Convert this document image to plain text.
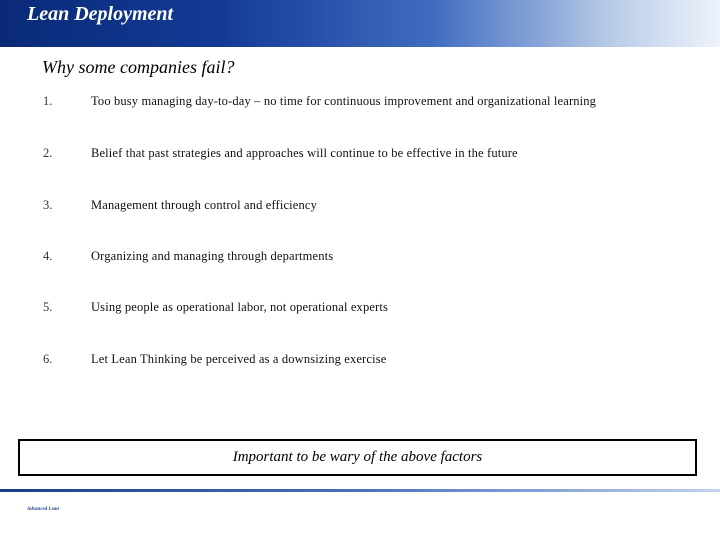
Lean Deployment
Why some companies fail?
1.	Too busy managing day-to-day – no time for continuous improvement and organizational learning
2.	Belief that past strategies and approaches will continue to be effective in the future
3.	Management through control and efficiency
4.	Organizing and managing through departments
5.	Using people as operational labor, not operational experts
6.	Let Lean Thinking be perceived as a downsizing exercise
Important to be wary of the above factors
Advanced Lean
